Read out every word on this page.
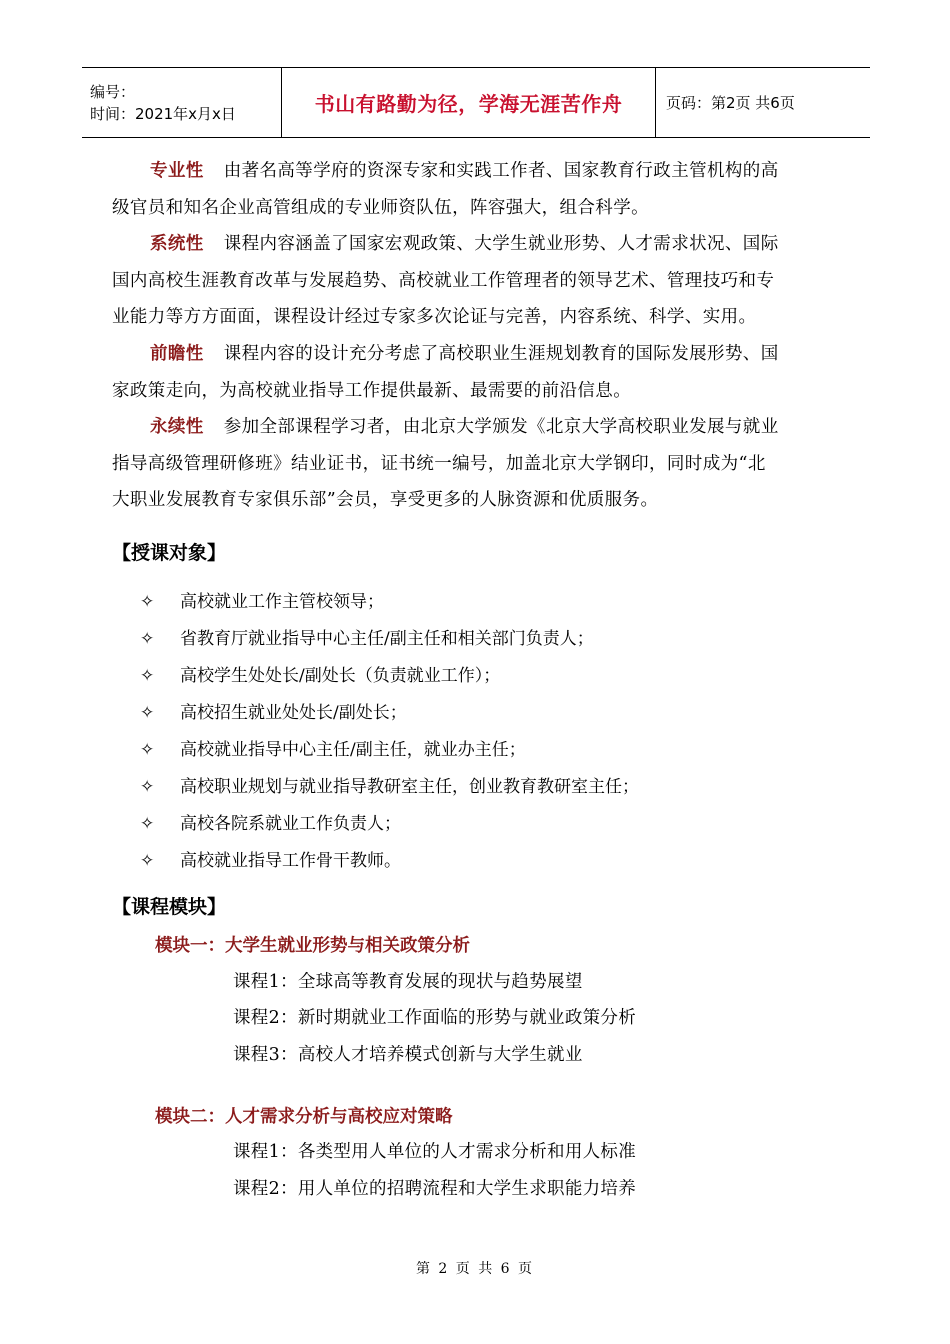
编号：
时间：2021年x月x日	书山有路勤为径，学海无涯苦作舟	页码：第2页 共6页
专业性 由著名高等学府的资深专家和实践工作者、国家教育行政主管机构的高
级官员和知名企业高管组成的专业师资队伍，阵容强大，组合科学。
系统性 课程内容涵盖了国家宏观政策、大学生就业形势、人才需求状况、国际
国内高校生涯教育改革与发展趋势、高校就业工作管理者的领导艺术、管理技巧和专
业能力等方方面面，课程设计经过专家多次论证与完善，内容系统、科学、实用。
前瞻性 课程内容的设计充分考虑了高校职业生涯规划教育的国际发展形势、国
家政策走向，为高校就业指导工作提供最新、最需要的前沿信息。
永续性 参加全部课程学习者，由北京大学颁发《北京大学高校职业发展与就业
指导高级管理研修班》结业证书，证书统一编号，加盖北京大学钢印，同时成为“北
大职业发展教育专家俱乐部”会员，享受更多的人脉资源和优质服务。
【授课对象】
✧	高校就业工作主管校领导；
✧	省教育厅就业指导中心主任/副主任和相关部门负责人；
✧	高校学生处处长/副处长（负责就业工作）；
✧	高校招生就业处处长/副处长；
✧	高校就业指导中心主任/副主任，就业办主任；
✧	高校职业规划与就业指导教研室主任，创业教育教研室主任；
✧	高校各院系就业工作负责人；
✧	高校就业指导工作骨干教师。
【课程模块】
模块一：大学生就业形势与相关政策分析
课程1：全球高等教育发展的现状与趋势展望
课程2：新时期就业工作面临的形势与就业政策分析
课程3：高校人才培养模式创新与大学生就业
模块二：人才需求分析与高校应对策略
课程1：各类型用人单位的人才需求分析和用人标准
课程2：用人单位的招聘流程和大学生求职能力培养
第 2 页 共 6 页
